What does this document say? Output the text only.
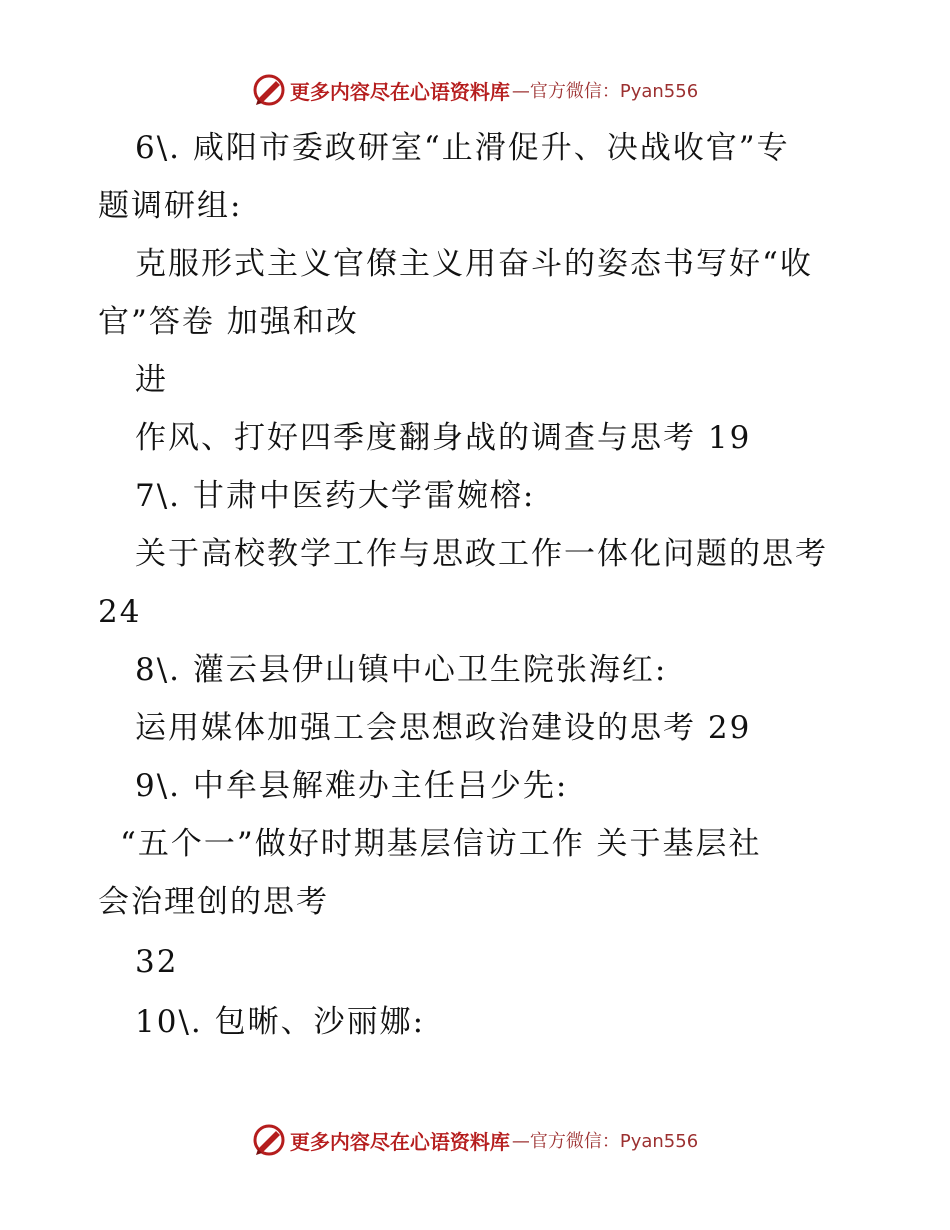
更多内容尽在心语资料库 —官方微信：Pyan556
6\. 咸阳市委政研室“止滑促升、决战收官”专
题调研组:
克服形式主义官僚主义用奋斗的姿态书写好“收
官”答卷 加强和改
进
作风、打好四季度翻身战的调查与思考 19
7\. 甘肃中医药大学雷婉榕:
关于高校教学工作与思政工作一体化问题的思考
24
8\. 灌云县伊山镇中心卫生院张海红:
运用媒体加强工会思想政治建设的思考 29
9\. 中牟县解难办主任吕少先:
“五个一”做好时期基层信访工作 关于基层社
会治理创的思考
32
10\. 包晰、沙丽娜:
更多内容尽在心语资料库 —官方微信：Pyan556
